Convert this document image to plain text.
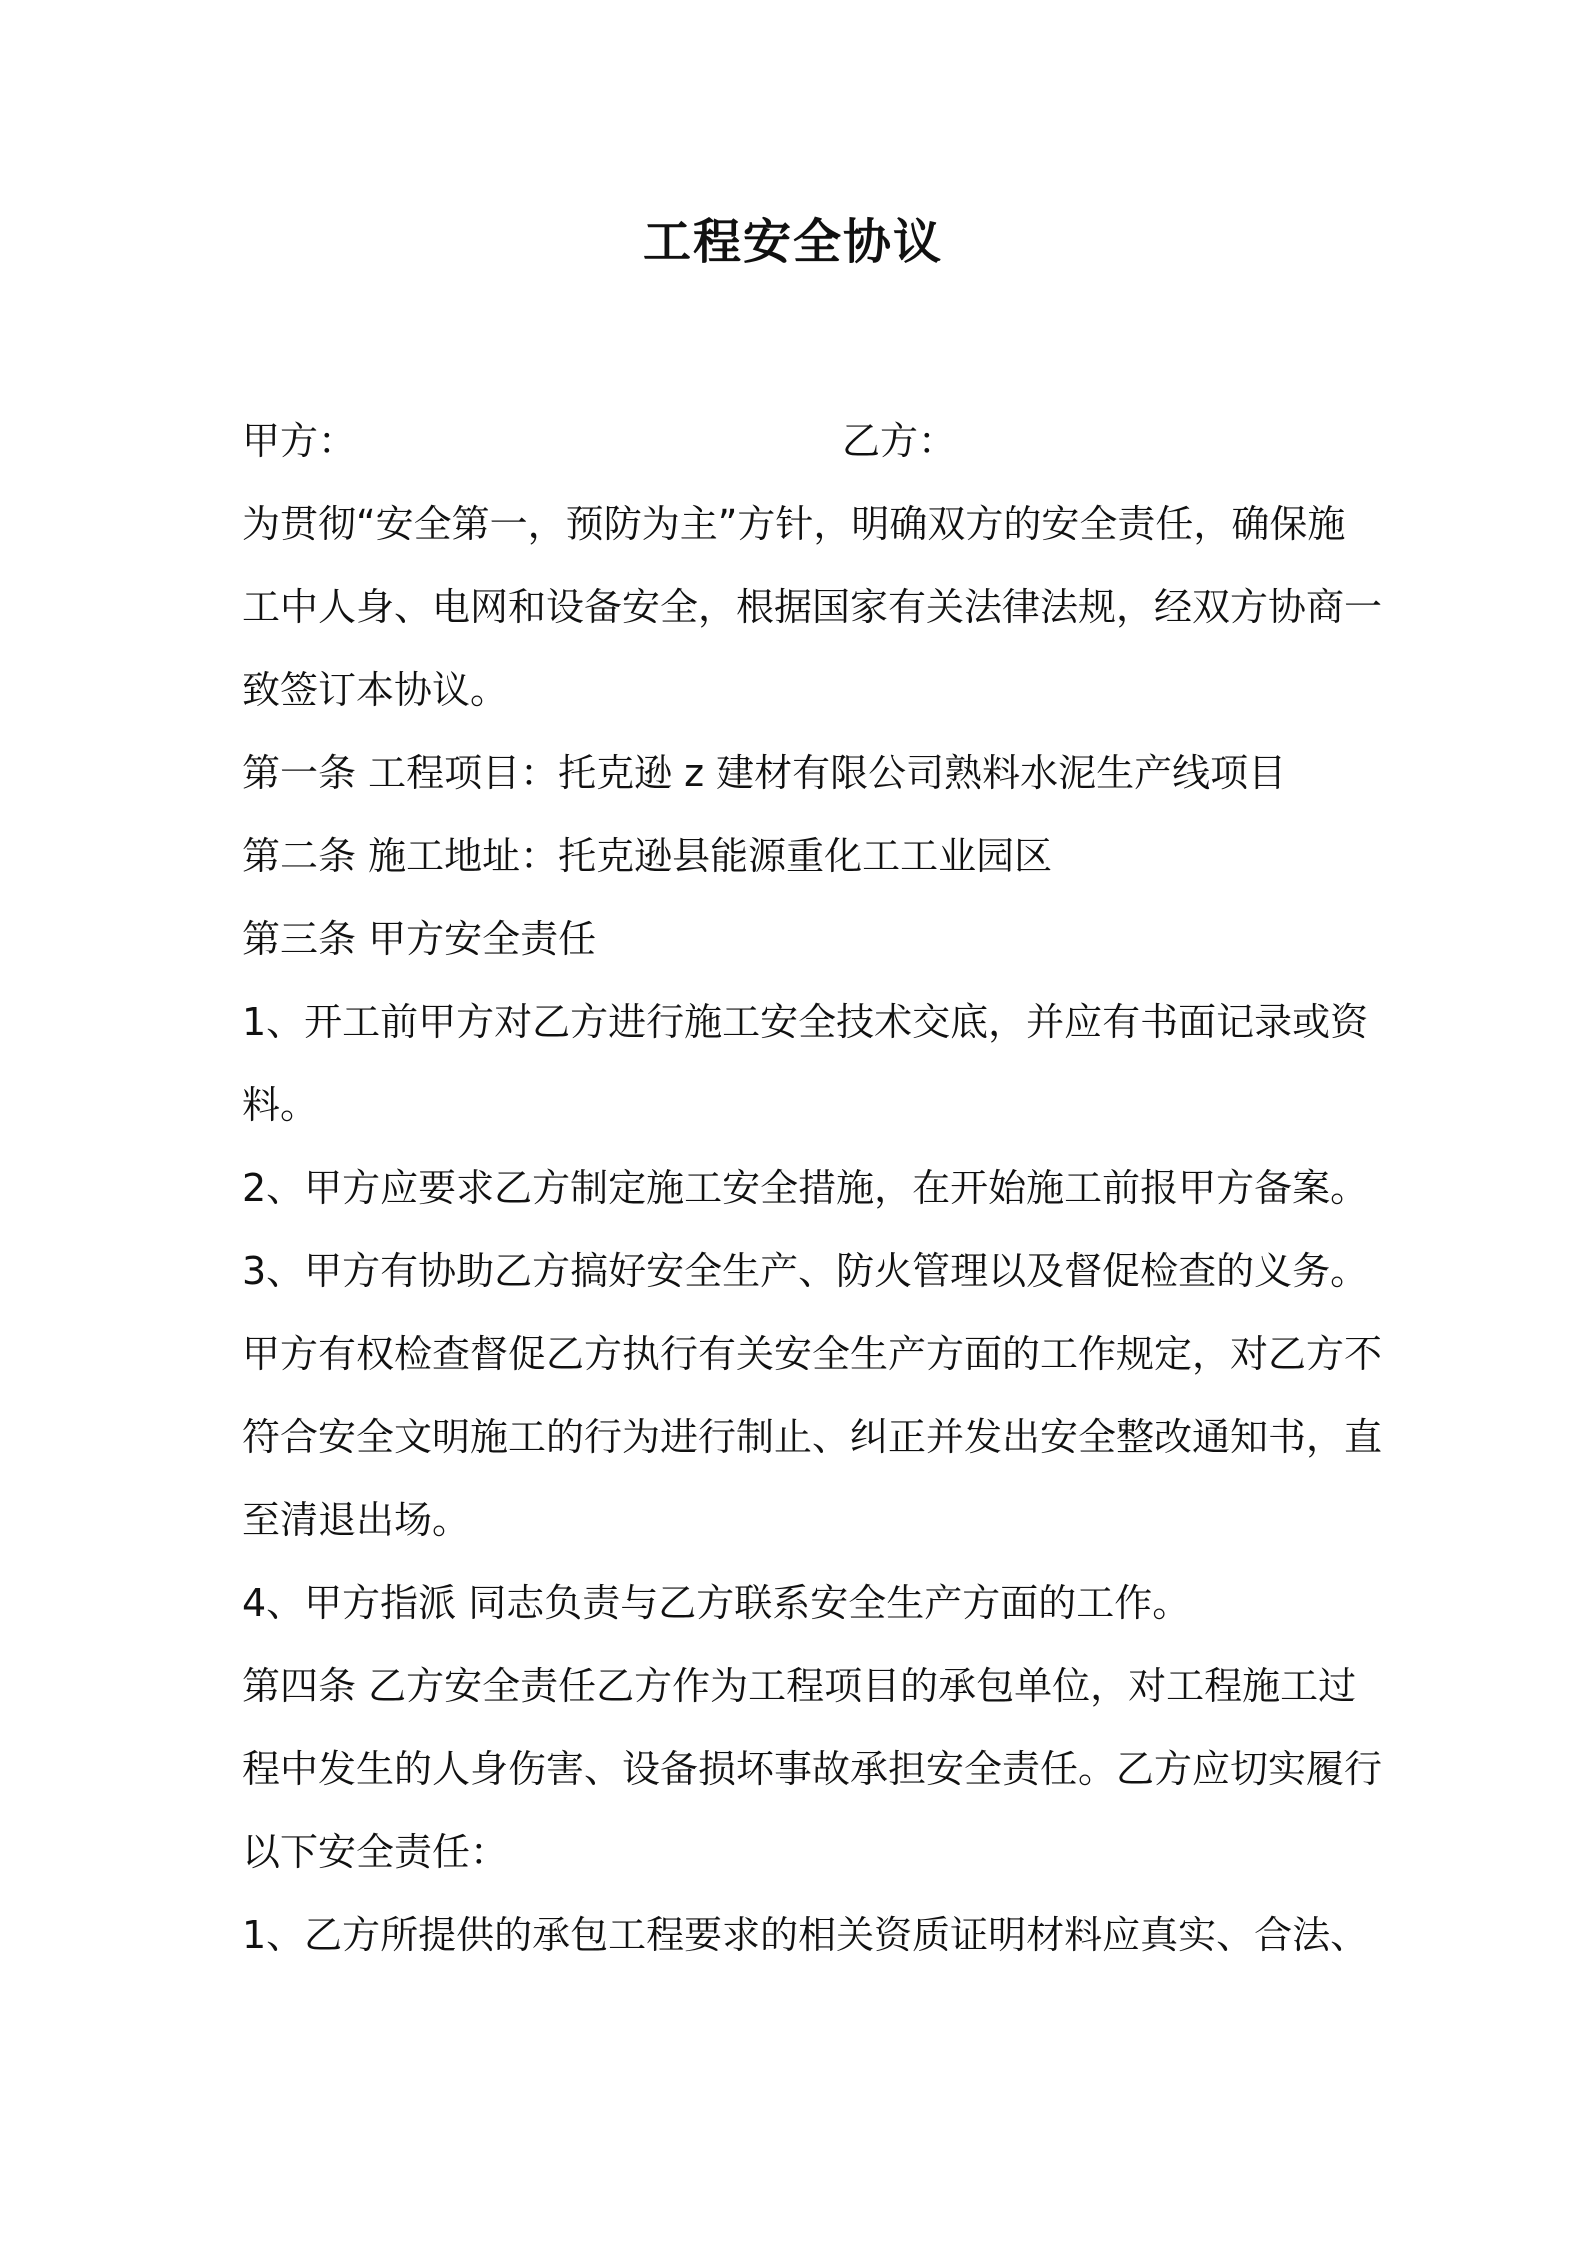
工程安全协议
甲方：	乙方：
为贯彻“安全第一，预防为主”方针，明确双方的安全责任，确保施
工中人身、电网和设备安全，根据国家有关法律法规，经双方协商一
致签订本协议。
第一条 工程项目：托克逊 z 建材有限公司熟料水泥生产线项目
第二条 施工地址：托克逊县能源重化工工业园区
第三条 甲方安全责任
1、开工前甲方对乙方进行施工安全技术交底，并应有书面记录或资
料。
2、甲方应要求乙方制定施工安全措施，在开始施工前报甲方备案。
3、甲方有协助乙方搞好安全生产、防火管理以及督促检查的义务。
甲方有权检查督促乙方执行有关安全生产方面的工作规定，对乙方不
符合安全文明施工的行为进行制止、纠正并发出安全整改通知书，直
至清退出场。
4、甲方指派 同志负责与乙方联系安全生产方面的工作。
第四条 乙方安全责任乙方作为工程项目的承包单位，对工程施工过
程中发生的人身伤害、设备损坏事故承担安全责任。乙方应切实履行
以下安全责任：
1、乙方所提供的承包工程要求的相关资质证明材料应真实、合法、
